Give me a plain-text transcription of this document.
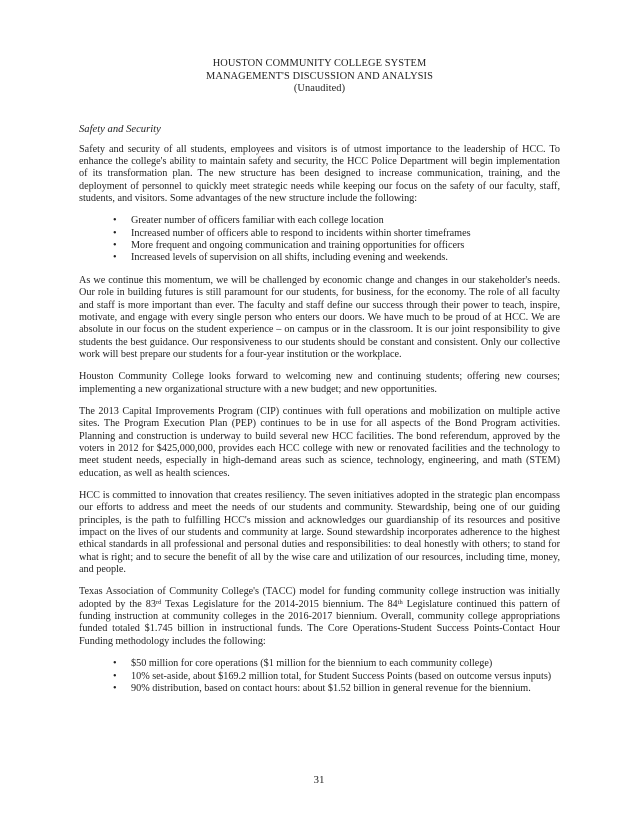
HOUSTON COMMUNITY COLLEGE SYSTEM
MANAGEMENT'S DISCUSSION AND ANALYSIS
(Unaudited)
Safety and Security

Safety and security of all students, employees and visitors is of utmost importance to the leadership of HCC. To enhance the college's ability to maintain safety and security, the HCC Police Department will begin implementation of its transformation plan. The new structure has been designed to increase communication, training, and the deployment of personnel to quickly meet strategic needs while keeping our focus on the safety of our faculty, staff, students, and visitors. Some advantages of the new structure include the following:

• Greater number of officers familiar with each college location
• Increased number of officers able to respond to incidents within shorter timeframes
• More frequent and ongoing communication and training opportunities for officers
• Increased levels of supervision on all shifts, including evening and weekends.

As we continue this momentum, we will be challenged by economic change and changes in our stakeholder's needs. Our role in building futures is still paramount for our students, for business, for the economy. The role of all faculty and staff is more important than ever. The faculty and staff define our success through their power to teach, inspire, motivate, and engage with every single person who enters our doors. We have much to be proud of at HCC. We are absolute in our focus on the student experience – on campus or in the classroom. It is our joint responsibility to give students the best guidance. Our responsiveness to our students should be constant and consistent. Only our collective work will best prepare our students for a four-year institution or the workplace.

Houston Community College looks forward to welcoming new and continuing students; offering new courses; implementing a new organizational structure with a new budget; and new opportunities.

The 2013 Capital Improvements Program (CIP) continues with full operations and mobilization on multiple active sites. The Program Execution Plan (PEP) continues to be in use for all aspects of the Bond Program activities. Planning and construction is underway to build several new HCC facilities. The bond referendum, approved by the voters in 2012 for $425,000,000, provides each HCC college with new or renovated facilities and the technology to meet student needs, especially in high-demand areas such as science, technology, engineering, and math (STEM) education, as well as health sciences.

HCC is committed to innovation that creates resiliency. The seven initiatives adopted in the strategic plan encompass our efforts to address and meet the needs of our students and community. Stewardship, being one of our guiding principles, is the path to fulfilling HCC's mission and acknowledges our guardianship of its resources and positive impact on the lives of our students and community at large. Sound stewardship incorporates adherence to the highest ethical standards in all professional and personal duties and responsibilities: to deal honestly with others; to stand for what is right; and to secure the benefit of all by the wise care and utilization of our resources, including time, money, and people.

Texas Association of Community College's (TACC) model for funding community college instruction was initially adopted by the 83rd Texas Legislature for the 2014-2015 biennium. The 84th Legislature continued this pattern of funding instruction at community colleges in the 2016-2017 biennium. Overall, community college appropriations funded totaled $1.745 billion in instructional funds. The Core Operations-Student Success Points-Contact Hour Funding methodology includes the following:

• $50 million for core operations ($1 million for the biennium to each community college)
• 10% set-aside, about $169.2 million total, for Student Success Points (based on outcome versus inputs)
• 90% distribution, based on contact hours: about $1.52 billion in general revenue for the biennium.
31
